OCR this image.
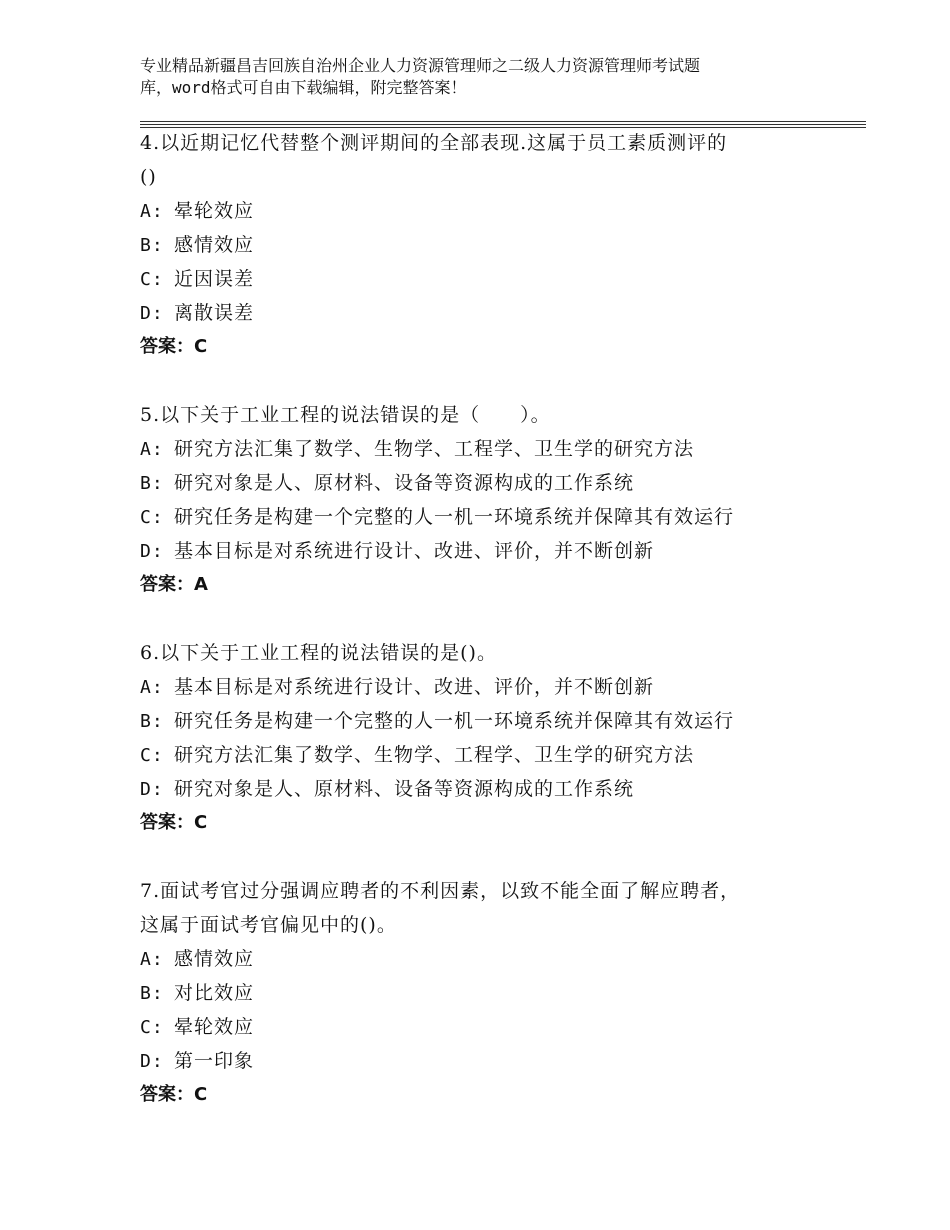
专业精品新疆昌吉回族自治州企业人力资源管理师之二级人力资源管理师考试题
库，word格式可自由下载编辑，附完整答案！
4.以近期记忆代替整个测评期间的全部表现.这属于员工素质测评的
()
A: 晕轮效应
B: 感情效应
C: 近因误差
D: 离散误差
答案：C
5.以下关于工业工程的说法错误的是（　　）。
A: 研究方法汇集了数学、生物学、工程学、卫生学的研究方法
B: 研究对象是人、原材料、设备等资源构成的工作系统
C: 研究任务是构建一个完整的人一机一环境系统并保障其有效运行
D: 基本目标是对系统进行设计、改进、评价，并不断创新
答案：A
6.以下关于工业工程的说法错误的是()。
A: 基本目标是对系统进行设计、改进、评价，并不断创新
B: 研究任务是构建一个完整的人一机一环境系统并保障其有效运行
C: 研究方法汇集了数学、生物学、工程学、卫生学的研究方法
D: 研究对象是人、原材料、设备等资源构成的工作系统
答案：C
7.面试考官过分强调应聘者的不利因素，以致不能全面了解应聘者，
这属于面试考官偏见中的()。
A: 感情效应
B: 对比效应
C: 晕轮效应
D: 第一印象
答案：C
